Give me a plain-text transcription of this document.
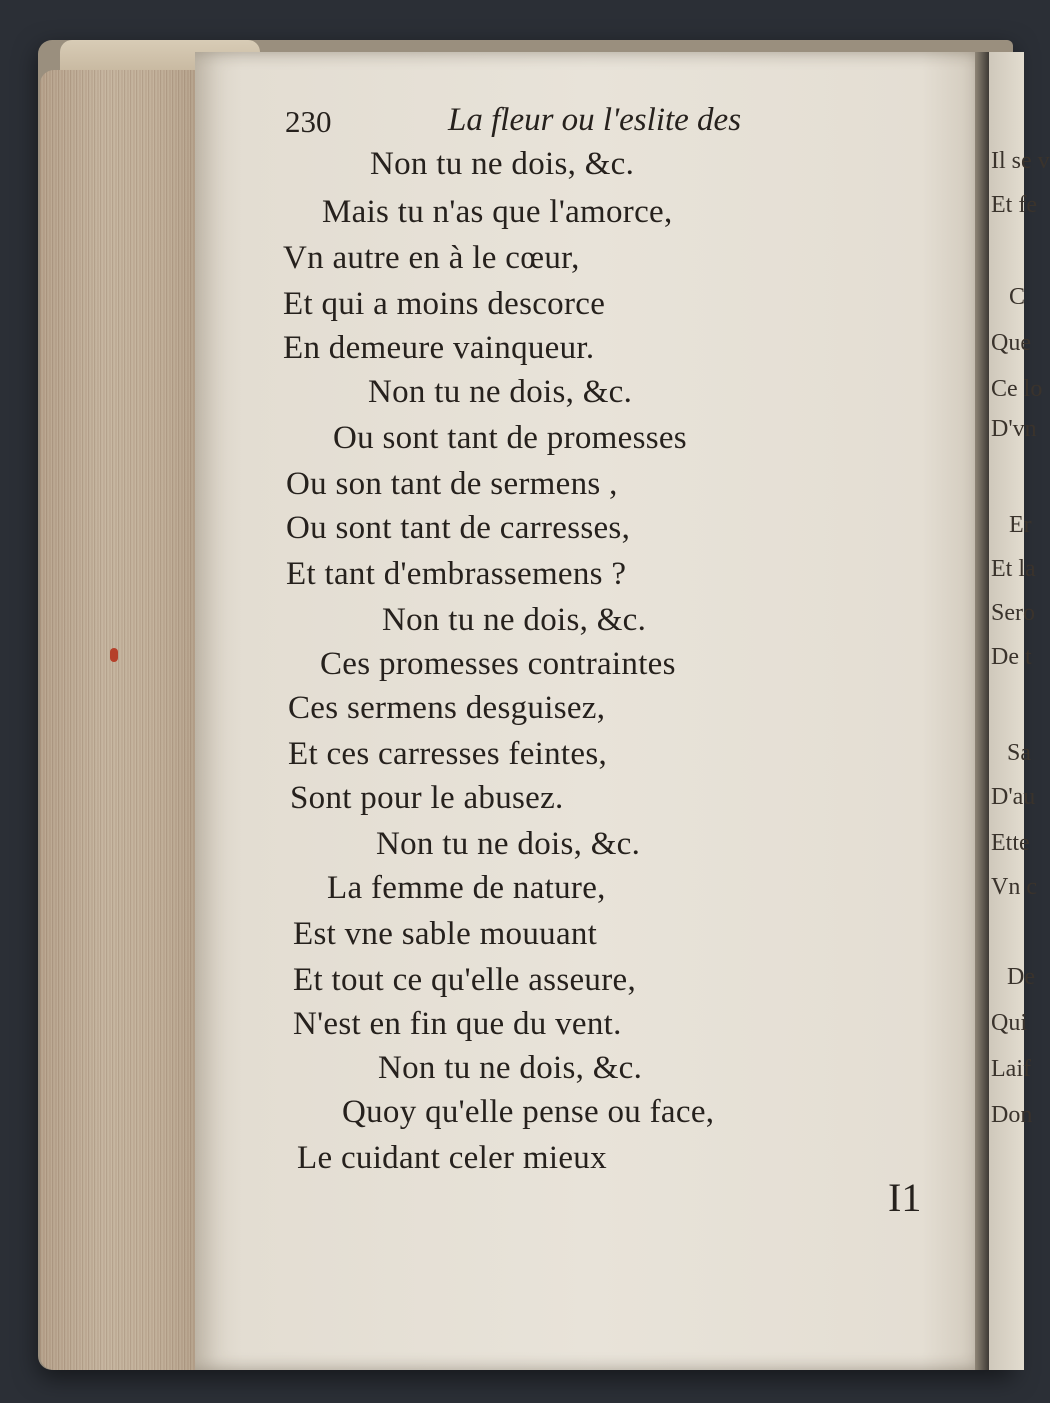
Il se v
Et fe
C
Que
Ce lo
D'vn
Er
Et la
Sero
De t
Sa
D'au
Ette
Vn c
De
Qui
Laif
Don
230	La fleur ou l'eslite des
Non tu ne dois, &c.
Mais tu n'as que l'amorce,
Vn autre en à le cœur,
Et qui a moins descorce
En demeure vainqueur.
Non tu ne dois, &c.
Ou sont tant de promesses
Ou son tant de sermens ,
Ou sont tant de carresses,
Et tant d'embrassemens ?
Non tu ne dois, &c.
Ces promesses contraintes
Ces sermens desguisez,
Et ces carresses feintes,
Sont pour le abusez.
Non tu ne dois, &c.
La femme de nature,
Est vne sable mouuant
Et tout ce qu'elle asseure,
N'est en fin que du vent.
Non tu ne dois, &c.
Quoy qu'elle pense ou face,
Le cuidant celer mieux
I1
